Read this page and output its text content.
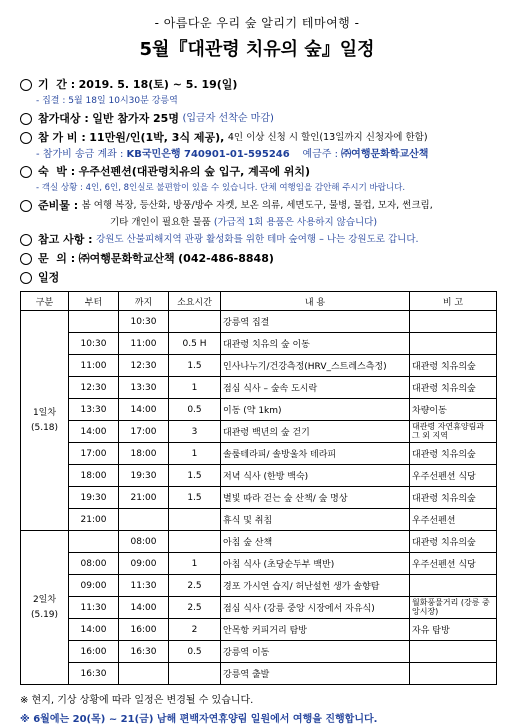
- 아름다운 우리 숲 알리기 테마여행 -
5월『대관령 치유의 숲』일정
기  간 :
2019. 5. 18(토) ~ 5. 19(일)
- 집결 : 5월 18일 10시30분 강릉역
참가대상 :
일반 참가자 25명
(입금자 선착순 마감)
참 가 비 :
11만원/인(1박, 3식 제공),
4인 이상 신청 시 할인(13일까지 신청자에 한함)
- 참가비 송금 계좌 :
KB국민은행 740901-01-595246
예금주 :
㈜여행문화학교산책
숙  박 :
우주선펜션(대관령치유의 숲 입구, 계곡에 위치)
- 객실 상황 : 4인, 6인, 8인실로 불편함이 있을 수 있습니다. 단체 여행임을 감안해 주시기 바랍니다.
준비물 :
봄 여행 복장, 등산화, 방풍/방수 자켓, 보온 의류, 세면도구, 물병, 물컵, 모자, 썬크림,
기타 개인이 필요한 물품
(가급적 1회 용품은 사용하지 않습니다)
참고 사항 :
강원도 산불피해지역 관광 활성화를 위한 테마 숲여행 – 나는 강원도로 갑니다.
문  의 :
㈜여행문화학교산책
(042-486-8848)
일정
구분	부터	까지	소요시간	내 용	비 고

1일차
(5.18)		10:30		강릉역 집결	
	10:30	11:00	0.5 H	대관령 치유의 숲 이동	
	11:00	12:30	1.5	인사나누기/건강측정(HRV_스트레스측정)	대관령 치유의숲
	12:30	13:30	1	점심 식사 – 숲속 도시락	대관령 치유의숲
	13:30	14:00	0.5	이동 (약 1km)	차량이동
	14:00	17:00	3	대관령 백년의 숲 걷기	대관령 자연휴양림과 그 외 지역
	17:00	18:00	1	솔룸테라피/ 솔방울차 테라피	대관령 치유의숲
	18:00	19:30	1.5	저녁 식사 (한방 백숙)	우주선펜션 식당
	19:30	21:00	1.5	별빛 따라 걷는 숲 산책/ 숲 명상	대관령 치유의숲
	21:00			휴식 및 취침	우주선펜션

2일차
(5.19)		08:00		아침 숲 산책	대관령 치유의숲
	08:00	09:00	1	아침 식사 (초당순두부 백반)	우주선펜션 식당
	09:00	11:30	2.5	경포 가시연 습지/ 허난설헌 생가 솔향탐	
	11:30	14:00	2.5	점심 식사 (강릉 중앙 시장에서 자유식)	월화풍물거리 (강릉 중앙시장)
	14:00	16:00	2	안목항 커피거리 탐방	자유 탐방
	16:00	16:30	0.5	강릉역 이동	
	16:30			강릉역 출발	
※ 현지, 기상 상황에 따라 일정은 변경될 수 있습니다.
※ 6월에는 20(목) ~ 21(금) 남해 편백자연휴양림 일원에서 여행을 진행합니다.
